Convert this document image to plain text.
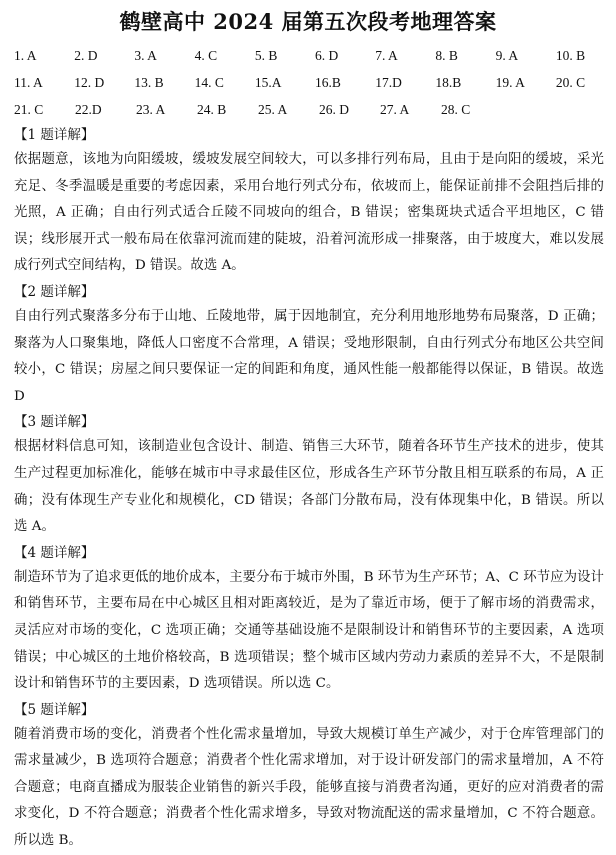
鹤壁高中 2024 届第五次段考地理答案
1. A	2. D	3. A	4. C	5. B	6. D	7. A	8. B	9. A	10. B
11. A	12. D	13. B	14. C	15.A	16.B	17.D	18.B	19. A	20. C
21. C	22.D	23. A	24. B	25. A	26. D	27. A	28. C
【1 题详解】

依据题意，该地为向阳缓坡，缓坡发展空间较大，可以多排行列布局，且由于是向阳的缓坡，采光充足、冬季温暖是重要的考虑因素，采用台地行列式分布，依坡而上，能保证前排不会阻挡后排的光照，A 正确；自由行列式适合丘陵不同坡向的组合，B 错误；密集斑块式适合平坦地区，C 错误；线形展开式一般布局在依靠河流而建的陡坡，沿着河流形成一排聚落，由于坡度大，难以发展成行列式空间结构，D 错误。故选 A。

【2 题详解】

自由行列式聚落多分布于山地、丘陵地带，属于因地制宜，充分利用地形地势布局聚落，D 正确；聚落为人口聚集地，降低人口密度不合常理，A 错误；受地形限制，自由行列式分布地区公共空间较小，C 错误；房屋之间只要保证一定的间距和角度，通风性能一般都能得以保证，B 错误。故选 D

【3 题详解】

根据材料信息可知，该制造业包含设计、制造、销售三大环节，随着各环节生产技术的进步，使其生产过程更加标准化，能够在城市中寻求最佳区位，形成各生产环节分散且相互联系的布局，A 正确；没有体现生产专业化和规模化，CD 错误；各部门分散布局，没有体现集中化，B 错误。所以选 A。

【4 题详解】

制造环节为了追求更低的地价成本，主要分布于城市外围，B 环节为生产环节；A、C 环节应为设计和销售环节，主要布局在中心城区且相对距离较近，是为了靠近市场，便于了解市场的消费需求，灵活应对市场的变化，C 选项正确；交通等基础设施不是限制设计和销售环节的主要因素，A 选项错误；中心城区的土地价格较高，B 选项错误；整个城市区域内劳动力素质的差异不大，不是限制设计和销售环节的主要因素，D 选项错误。所以选 C。

【5 题详解】

随着消费市场的变化，消费者个性化需求量增加，导致大规模订单生产减少，对于仓库管理部门的需求量减少，B 选项符合题意；消费者个性化需求增加，对于设计研发部门的需求量增加，A 不符合题意；电商直播成为服装企业销售的新兴手段，能够直接与消费者沟通，更好的应对消费者的需求变化，D 不符合题意；消费者个性化需求增多，导致对物流配送的需求量增加，C 不符合题意。所以选 B。
